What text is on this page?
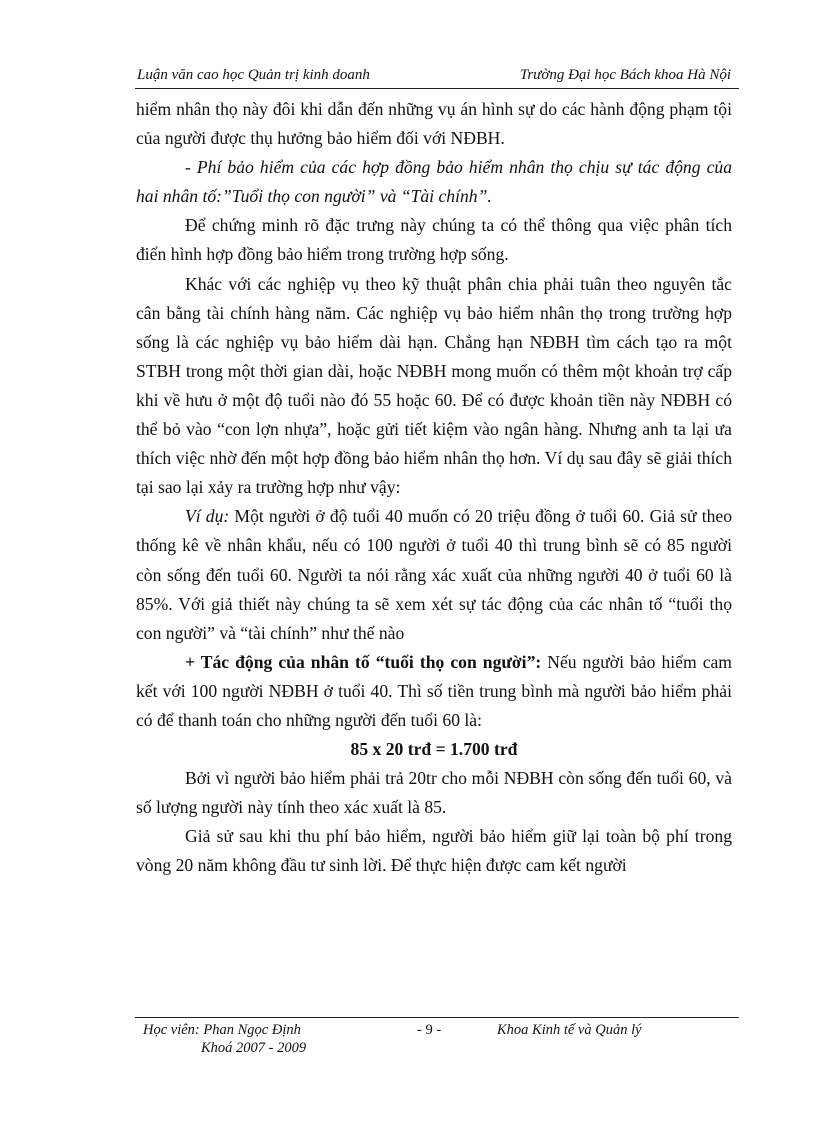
Luận văn cao học Quản trị kinh doanh	Trường Đại học Bách khoa Hà Nội

hiểm nhân thọ này đôi khi dẫn đến những vụ án hình sự do các hành động phạm tội của người được thụ hưởng bảo hiểm đối với NĐBH.

- Phí bảo hiểm của các hợp đồng bảo hiểm nhân thọ chịu sự tác động của hai nhân tố:”Tuổi thọ con người” và “Tài chính”.

Để chứng minh rõ đặc trưng này chúng ta có thể thông qua việc phân tích điển hình hợp đồng bảo hiểm trong trường hợp sống.

Khác với các nghiệp vụ theo kỹ thuật phân chia phải tuân theo nguyên tắc cân bằng tài chính hàng năm. Các nghiệp vụ bảo hiểm nhân thọ trong trường hợp sống là các nghiệp vụ bảo hiểm dài hạn. Chẳng hạn NĐBH tìm cách tạo ra một STBH trong một thời gian dài, hoặc NĐBH mong muốn có thêm một khoản trợ cấp khi về hưu ở một độ tuổi nào đó 55 hoặc 60. Để có được khoản tiền này NĐBH có thể bỏ vào “con lợn nhựa”, hoặc gửi tiết kiệm vào ngân hàng. Nhưng anh ta lại ưa thích việc nhờ đến một hợp đồng bảo hiểm nhân thọ hơn. Ví dụ sau đây sẽ giải thích tại sao lại xảy ra trường hợp như vậy:

Ví dụ: Một người ở độ tuổi 40 muốn có 20 triệu đồng ở tuổi 60. Giả sử theo thống kê về nhân khẩu, nếu có 100 người ở tuổi 40 thì trung bình sẽ có 85 người còn sống đến tuổi 60. Người ta nói rằng xác xuất của những người 40 ở tuổi 60 là 85%. Với giả thiết này chúng ta sẽ xem xét sự tác động của các nhân tố “tuổi thọ con người” và “tài chính” như thế nào

+ Tác động của nhân tố “tuổi thọ con người”: Nếu người bảo hiểm cam kết với 100 người NĐBH ở tuổi 40. Thì số tiền trung bình mà người bảo hiểm phải có để thanh toán cho những người đến tuổi 60 là:

85 x 20 trđ = 1.700 trđ

Bởi vì người bảo hiểm phải trả 20tr cho mỗi NĐBH còn sống đến tuổi 60, và số lượng người này tính theo xác xuất là 85.

Giả sử sau khi thu phí bảo hiểm, người bảo hiểm giữ lại toàn bộ phí trong vòng 20 năm không đầu tư sinh lời. Để thực hiện được cam kết người

Học viên: Phan Ngọc Định
Khoá 2007 - 2009
- 9 -	Khoa Kinh tế và Quản lý
